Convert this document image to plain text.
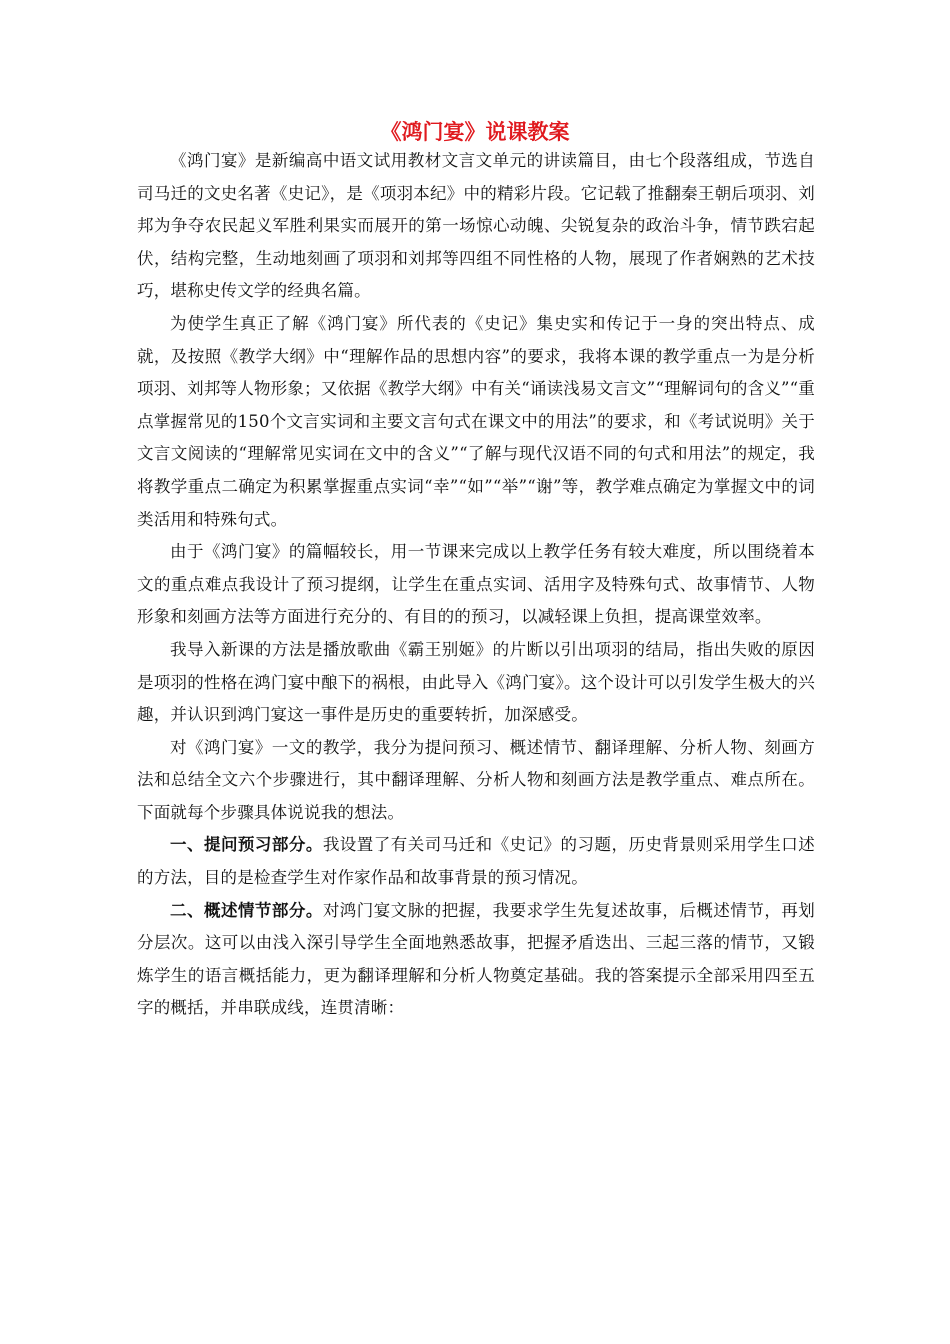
《鸿门宴》说课教案

《鸿门宴》是新编高中语文试用教材文言文单元的讲读篇目，由七个段落组成，节选自司马迁的文史名著《史记》，是《项羽本纪》中的精彩片段。它记载了推翻秦王朝后项羽、刘邦为争夺农民起义军胜利果实而展开的第一场惊心动魄、尖锐复杂的政治斗争，情节跌宕起伏，结构完整，生动地刻画了项羽和刘邦等四组不同性格的人物，展现了作者娴熟的艺术技巧，堪称史传文学的经典名篇。

为使学生真正了解《鸿门宴》所代表的《史记》集史实和传记于一身的突出特点、成就，及按照《教学大纲》中“理解作品的思想内容”的要求，我将本课的教学重点一为是分析项羽、刘邦等人物形象；又依据《教学大纲》中有关“诵读浅易文言文”“理解词句的含义”“重点掌握常见的150个文言实词和主要文言句式在课文中的用法”的要求，和《考试说明》关于文言文阅读的“理解常见实词在文中的含义”“了解与现代汉语不同的句式和用法”的规定，我将教学重点二确定为积累掌握重点实词“幸”“如”“举”“谢”等，教学难点确定为掌握文中的词类活用和特殊句式。

由于《鸿门宴》的篇幅较长，用一节课来完成以上教学任务有较大难度，所以围绕着本文的重点难点我设计了预习提纲，让学生在重点实词、活用字及特殊句式、故事情节、人物形象和刻画方法等方面进行充分的、有目的的预习，以减轻课上负担，提高课堂效率。

我导入新课的方法是播放歌曲《霸王别姬》的片断以引出项羽的结局，指出失败的原因是项羽的性格在鸿门宴中酿下的祸根，由此导入《鸿门宴》。这个设计可以引发学生极大的兴趣，并认识到鸿门宴这一事件是历史的重要转折，加深感受。

对《鸿门宴》一文的教学，我分为提问预习、概述情节、翻译理解、分析人物、刻画方法和总结全文六个步骤进行，其中翻译理解、分析人物和刻画方法是教学重点、难点所在。下面就每个步骤具体说说我的想法。

一、提问预习部分。我设置了有关司马迁和《史记》的习题，历史背景则采用学生口述的方法，目的是检查学生对作家作品和故事背景的预习情况。

二、概述情节部分。对鸿门宴文脉的把握，我要求学生先复述故事，后概述情节，再划分层次。这可以由浅入深引导学生全面地熟悉故事，把握矛盾迭出、三起三落的情节，又锻炼学生的语言概括能力，更为翻译理解和分析人物奠定基础。我的答案提示全部采用四至五字的概括，并串联成线，连贯清晰：
